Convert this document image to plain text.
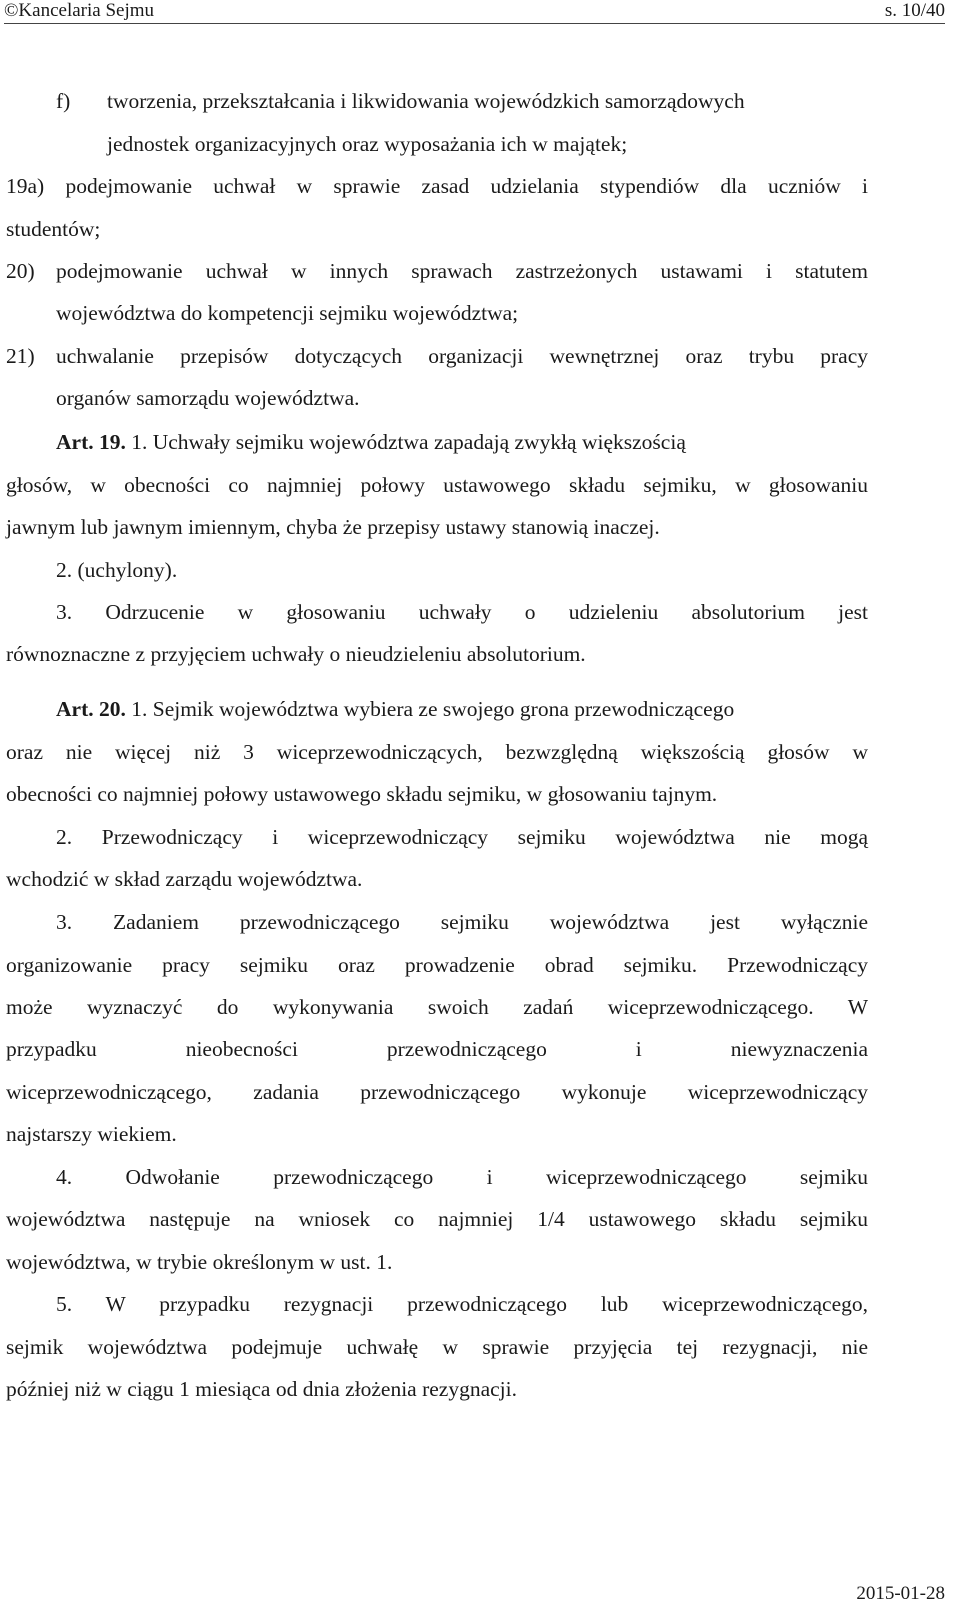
©Kancelaria Sejmu	s. 10/40
f) tworzenia, przekształcania i likwidowania wojewódzkich samorządowych
jednostek organizacyjnych oraz wyposażania ich w majątek;
19a) podejmowanie uchwał w sprawie zasad udzielania stypendiów dla uczniów i
studentów;
20) podejmowanie uchwał w innych sprawach zastrzeżonych ustawami i statutem
województwa do kompetencji sejmiku województwa;
21) uchwalanie przepisów dotyczących organizacji wewnętrznej oraz trybu pracy
organów samorządu województwa.
Art. 19. 1. Uchwały sejmiku województwa zapadają zwykłą większością
głosów, w obecności co najmniej połowy ustawowego składu sejmiku, w głosowaniu
jawnym lub jawnym imiennym, chyba że przepisy ustawy stanowią inaczej.
2. (uchylony).
3. Odrzucenie w głosowaniu uchwały o udzieleniu absolutorium jest
równoznaczne z przyjęciem uchwały o nieudzieleniu absolutorium.
Art. 20. 1. Sejmik województwa wybiera ze swojego grona przewodniczącego
oraz nie więcej niż 3 wiceprzewodniczących, bezwzględną większością głosów w
obecności co najmniej połowy ustawowego składu sejmiku, w głosowaniu tajnym.
2. Przewodniczący i wiceprzewodniczący sejmiku województwa nie mogą
wchodzić w skład zarządu województwa.
3. Zadaniem przewodniczącego sejmiku województwa jest wyłącznie
organizowanie pracy sejmiku oraz prowadzenie obrad sejmiku. Przewodniczący
może wyznaczyć do wykonywania swoich zadań wiceprzewodniczącego. W
przypadku nieobecności przewodniczącego i niewyznaczenia
wiceprzewodniczącego, zadania przewodniczącego wykonuje wiceprzewodniczący
najstarszy wiekiem.
4. Odwołanie przewodniczącego i wiceprzewodniczącego sejmiku
województwa następuje na wniosek co najmniej 1/4 ustawowego składu sejmiku
województwa, w trybie określonym w ust. 1.
5. W przypadku rezygnacji przewodniczącego lub wiceprzewodniczącego,
sejmik województwa podejmuje uchwałę w sprawie przyjęcia tej rezygnacji, nie
później niż w ciągu 1 miesiąca od dnia złożenia rezygnacji.
2015-01-28
